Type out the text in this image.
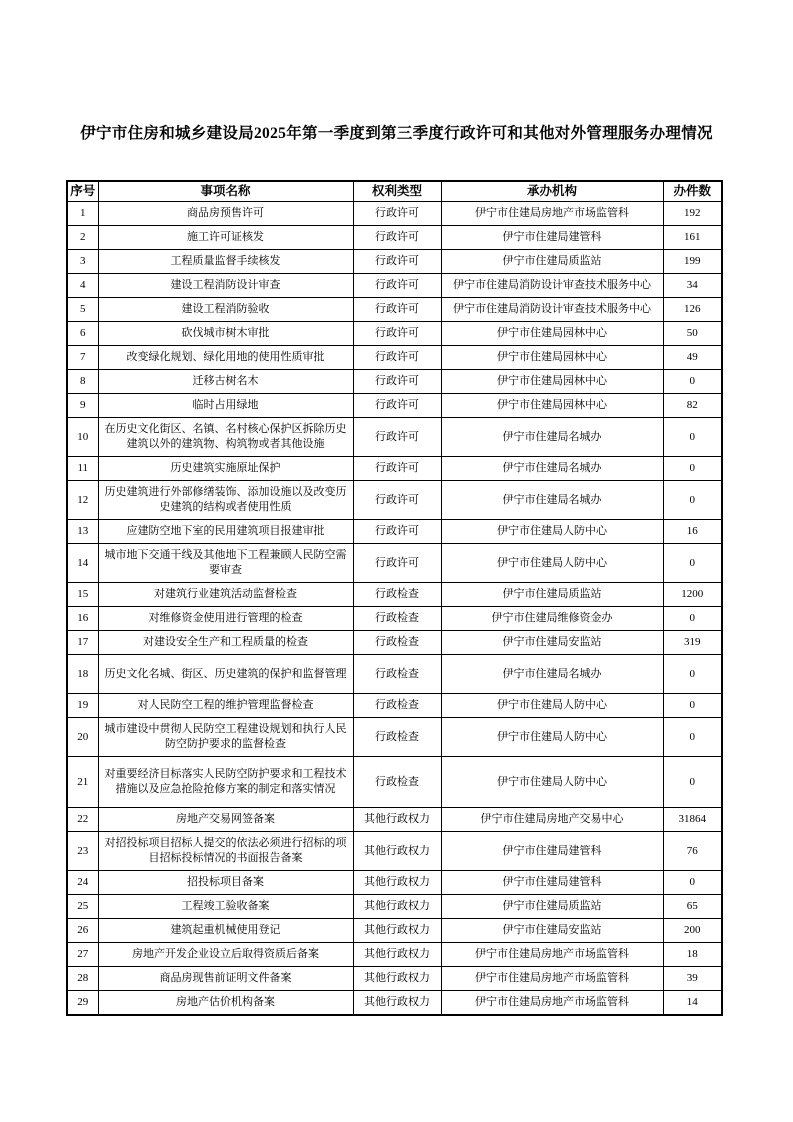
伊宁市住房和城乡建设局2025年第一季度到第三季度行政许可和其他对外管理服务办理情况
序号	事项名称	权利类型	承办机构	办件数
1	商品房预售许可	行政许可	伊宁市住建局房地产市场监管科	192
2	施工许可证核发	行政许可	伊宁市住建局建管科	161
3	工程质量监督手续核发	行政许可	伊宁市住建局质监站	199
4	建设工程消防设计审查	行政许可	伊宁市住建局消防设计审查技术服务中心	34
5	建设工程消防验收	行政许可	伊宁市住建局消防设计审查技术服务中心	126
6	砍伐城市树木审批	行政许可	伊宁市住建局园林中心	50
7	改变绿化规划、绿化用地的使用性质审批	行政许可	伊宁市住建局园林中心	49
8	迁移古树名木	行政许可	伊宁市住建局园林中心	0
9	临时占用绿地	行政许可	伊宁市住建局园林中心	82
10	在历史文化街区、名镇、名村核心保护区拆除历史建筑以外的建筑物、构筑物或者其他设施	行政许可	伊宁市住建局名城办	0
11	历史建筑实施原址保护	行政许可	伊宁市住建局名城办	0
12	历史建筑进行外部修缮装饰、添加设施以及改变历史建筑的结构或者使用性质	行政许可	伊宁市住建局名城办	0
13	应建防空地下室的民用建筑项目报建审批	行政许可	伊宁市住建局人防中心	16
14	城市地下交通干线及其他地下工程兼顾人民防空需要审查	行政许可	伊宁市住建局人防中心	0
15	对建筑行业建筑活动监督检查	行政检查	伊宁市住建局质监站	1200
16	对维修资金使用进行管理的检查	行政检查	伊宁市住建局维修资金办	0
17	对建设安全生产和工程质量的检查	行政检查	伊宁市住建局安监站	319
18	历史文化名城、街区、历史建筑的保护和监督管理	行政检查	伊宁市住建局名城办	0
19	对人民防空工程的维护管理监督检查	行政检查	伊宁市住建局人防中心	0
20	城市建设中贯彻人民防空工程建设规划和执行人民防空防护要求的监督检查	行政检查	伊宁市住建局人防中心	0
21	对重要经济目标落实人民防空防护要求和工程技术措施以及应急抢险抢修方案的制定和落实情况	行政检查	伊宁市住建局人防中心	0
22	房地产交易网签备案	其他行政权力	伊宁市住建局房地产交易中心	31864
23	对招投标项目招标人提交的依法必须进行招标的项目招标投标情况的书面报告备案	其他行政权力	伊宁市住建局建管科	76
24	招投标项目备案	其他行政权力	伊宁市住建局建管科	0
25	工程竣工验收备案	其他行政权力	伊宁市住建局质监站	65
26	建筑起重机械使用登记	其他行政权力	伊宁市住建局安监站	200
27	房地产开发企业设立后取得资质后备案	其他行政权力	伊宁市住建局房地产市场监管科	18
28	商品房现售前证明文件备案	其他行政权力	伊宁市住建局房地产市场监管科	39
29	房地产估价机构备案	其他行政权力	伊宁市住建局房地产市场监管科	14
